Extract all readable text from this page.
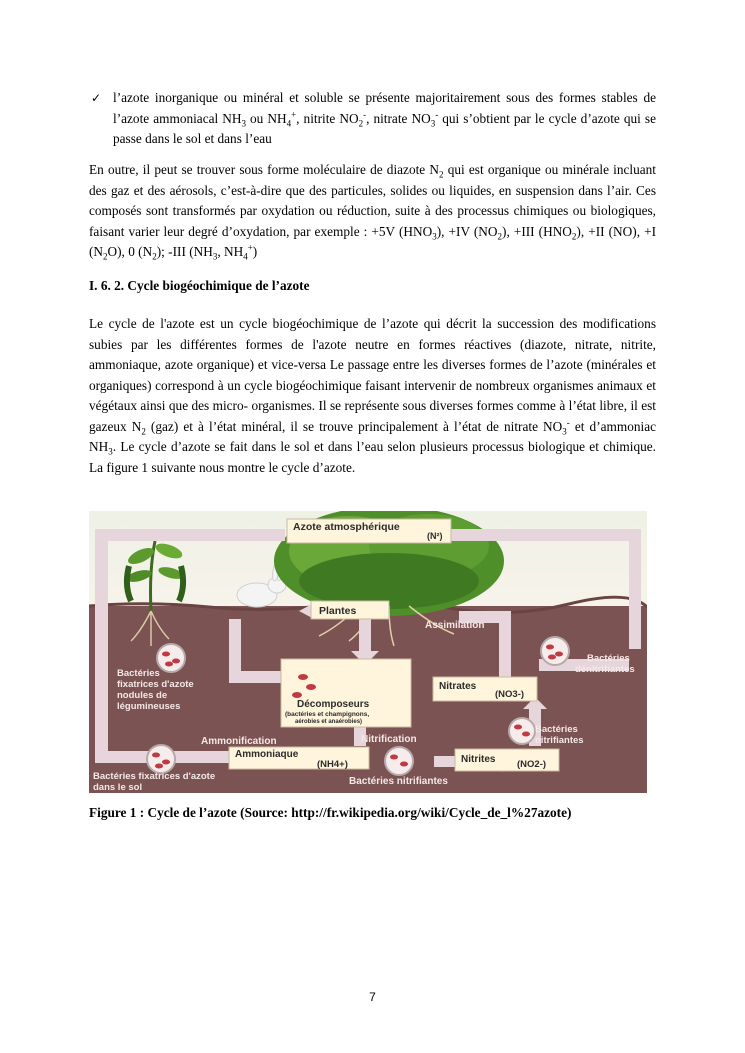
✓ l’azote inorganique ou minéral et soluble se présente majoritairement sous des formes stables de l’azote ammoniacal $NH_3$ ou $NH_4^+$, nitrite $NO_2^-$, nitrate $NO_3^-$ qui s’obtient par le cycle d’azote qui se passe dans le sol et dans l’eau
En outre, il peut se trouver sous forme moléculaire de diazote $N_2$ qui est organique ou minérale incluant des gaz et des aérosols, c’est-à-dire que des particules, solides ou liquides, en suspension dans l’air. Ces composés sont transformés par oxydation ou réduction, suite à des processus chimiques ou biologiques, faisant varier leur degré d’oxydation, par exemple : +5V $(HNO_3)$, +IV $(NO_2)$, +III $(HNO_2)$, +II (NO), +I $(N_2O)$, 0 $(N_2)$; -III ($NH_3$, $NH_4^+$)
I. 6. 2. Cycle biogéochimique de l’azote
Le cycle de l'azote est un cycle biogéochimique de l’azote qui décrit la succession des modifications subies par les différentes formes de l'azote neutre en formes réactives (diazote, nitrate, nitrite, ammoniaque, azote organique) et vice-versa Le passage entre les diverses formes de l’azote (minérales et organiques) correspond à un cycle biogéochimique faisant intervenir de nombreux organismes animaux et végétaux ainsi que des micro- organismes. Il se représente sous diverses formes comme à l’état libre, il est gazeux $N_2$ (gaz) et à l’état minéral, il se trouve principalement à l’état de nitrate $NO_3^-$ et d’ammoniac $NH_3$. Le cycle d’azote se fait dans le sol et dans l’eau selon plusieurs processus biologique et chimique. La figure 1 suivante nous montre le cycle d’azote.
Azote atmosphérique
(N²)
Plantes
Assimilation
Bactéries
dénitrifiantes
Bactéries
fixatrices d'azote
nodules de
légumineuses	Décomposeurs
(bactéries et champignons,
aérobies et anaérobies)
Nitrates
(NO3-)
Ammonification	Nitrification
Bactéries
nitrifiantes
Ammoniaque
(NH4+)	Nitrites (NO2-)
Bactéries fixatrices d'azote
dans le sol
Bactéries nitrifiantes
Figure 1 : Cycle de l’azote (Source: http://fr.wikipedia.org/wiki/Cycle_de_l%27azote)
7
